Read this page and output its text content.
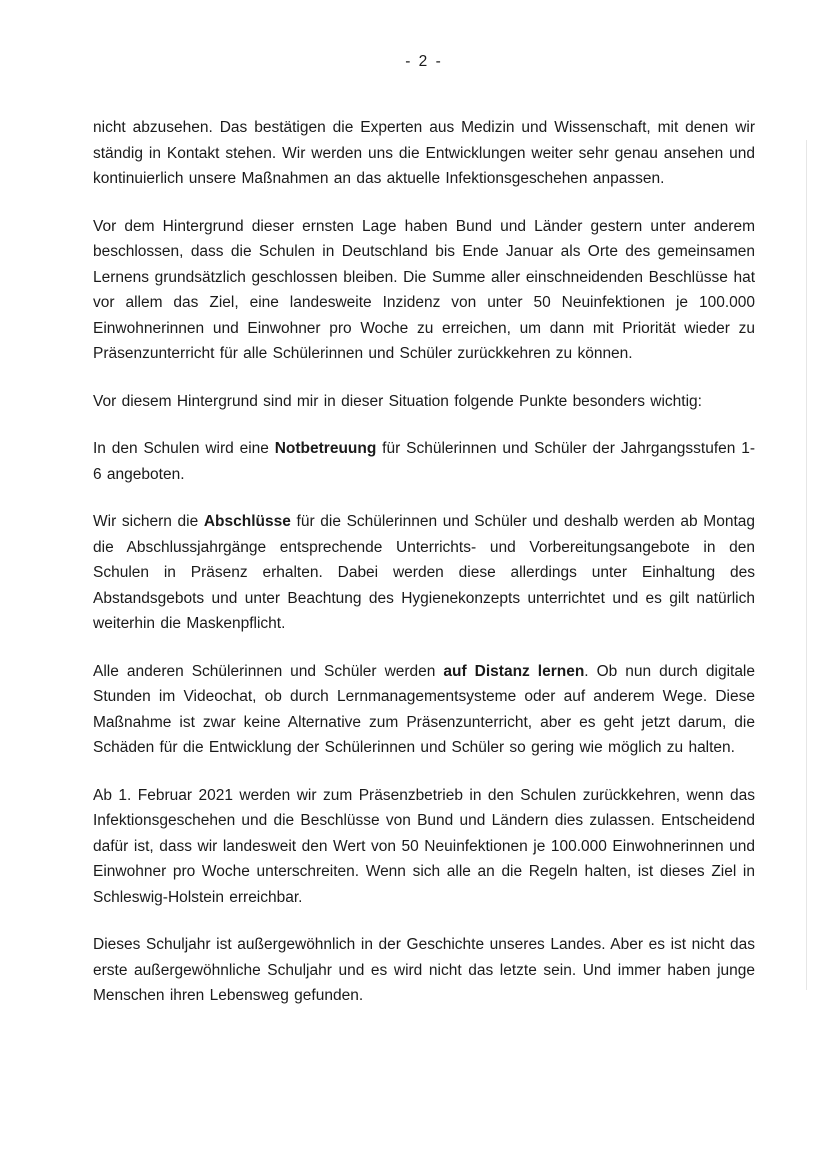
- 2 -

nicht abzusehen. Das bestätigen die Experten aus Medizin und Wissenschaft, mit denen wir ständig in Kontakt stehen. Wir werden uns die Entwicklungen weiter sehr genau ansehen und kontinuierlich unsere Maßnahmen an das aktuelle Infektionsgeschehen anpassen.

Vor dem Hintergrund dieser ernsten Lage haben Bund und Länder gestern unter anderem beschlossen, dass die Schulen in Deutschland bis Ende Januar als Orte des gemeinsamen Lernens grundsätzlich geschlossen bleiben. Die Summe aller einschneidenden Beschlüsse hat vor allem das Ziel, eine landesweite Inzidenz von unter 50 Neuinfektionen je 100.000 Einwohnerinnen und Einwohner pro Woche zu erreichen, um dann mit Priorität wieder zu Präsenzunterricht für alle Schülerinnen und Schüler zurückkehren zu können.

Vor diesem Hintergrund sind mir in dieser Situation folgende Punkte besonders wichtig:

In den Schulen wird eine Notbetreuung für Schülerinnen und Schüler der Jahrgangsstufen 1-6 angeboten.

Wir sichern die Abschlüsse für die Schülerinnen und Schüler und deshalb werden ab Montag die Abschlussjahrgänge entsprechende Unterrichts- und Vorbereitungsangebote in den Schulen in Präsenz erhalten. Dabei werden diese allerdings unter Einhaltung des Abstandsgebots und unter Beachtung des Hygienekonzepts unterrichtet und es gilt natürlich weiterhin die Maskenpflicht.

Alle anderen Schülerinnen und Schüler werden auf Distanz lernen. Ob nun durch digitale Stunden im Videochat, ob durch Lernmanagementsysteme oder auf anderem Wege. Diese Maßnahme ist zwar keine Alternative zum Präsenzunterricht, aber es geht jetzt darum, die Schäden für die Entwicklung der Schülerinnen und Schüler so gering wie möglich zu halten.

Ab 1. Februar 2021 werden wir zum Präsenzbetrieb in den Schulen zurückkehren, wenn das Infektionsgeschehen und die Beschlüsse von Bund und Ländern dies zulassen. Entscheidend dafür ist, dass wir landesweit den Wert von 50 Neuinfektionen je 100.000 Einwohnerinnen und Einwohner pro Woche unterschreiten. Wenn sich alle an die Regeln halten, ist dieses Ziel in Schleswig-Holstein erreichbar.

Dieses Schuljahr ist außergewöhnlich in der Geschichte unseres Landes. Aber es ist nicht das erste außergewöhnliche Schuljahr und es wird nicht das letzte sein. Und immer haben junge Menschen ihren Lebensweg gefunden.
